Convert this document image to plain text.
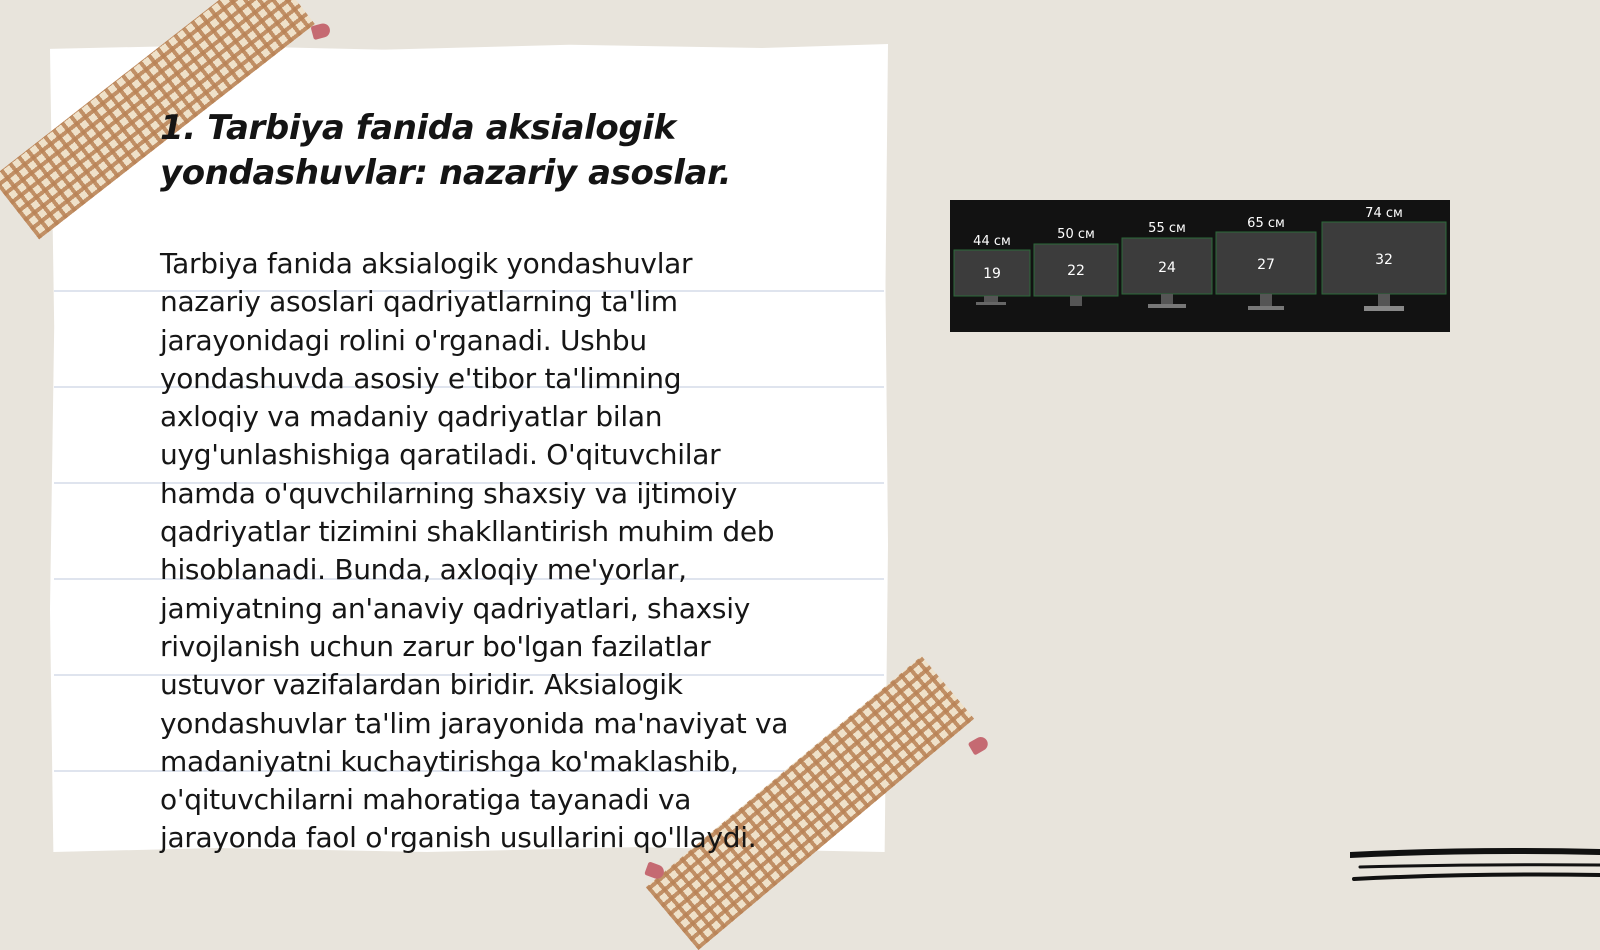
1. Tarbiya fanida aksialogik yondashuvlar: nazariy asoslar.

Tarbiya fanida aksialogik yondashuvlar
nazariy asoslari qadriyatlarning ta'lim
jarayonidagi rolini o'rganadi. Ushbu
yondashuvda asosiy e'tibor ta'limning
axloqiy va madaniy qadriyatlar bilan
uyg'unlashishiga qaratiladi. O'qituvchilar
hamda o'quvchilarning shaxsiy va ijtimoiy
qadriyatlar tizimini shakllantirish muhim deb
hisoblanadi. Bunda, axloqiy me'yorlar,
jamiyatning an'anaviy qadriyatlari, shaxsiy
rivojlanish uchun zarur bo'lgan fazilatlar
ustuvor vazifalardan biridir. Aksialogik
yondashuvlar ta'lim jarayonida ma'naviyat va
madaniyatni kuchaytirishga ko'maklashib,
o'qituvchilarni mahoratiga tayanadi va
jarayonda faol o'rganish usullarini qo'llaydi.

44 см
19
50 см
22
55 см
24
65 см
27
74 см
32
